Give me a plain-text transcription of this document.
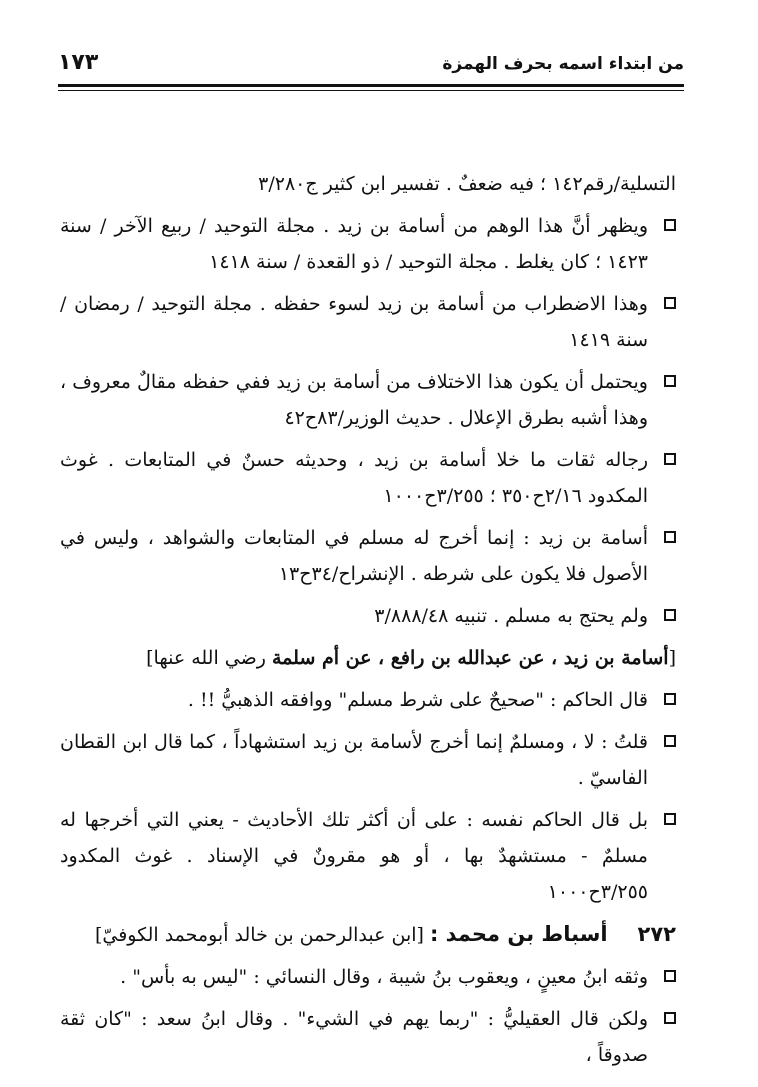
١٧٣	من ابتداء اسمه بحرف الهمزة

التسلية/رقم١٤٢ ؛ فيه ضعفٌ . تفسير ابن كثير ج٣/٢٨٠

ويظهر أنَّ هذا الوهم من أسامة بن زيد . مجلة التوحيد / ربيع الآخر / سنة ١٤٢٣ ؛ كان يغلط . مجلة التوحيد / ذو القعدة / سنة ١٤١٨
وهذا الاضطراب من أسامة بن زيد لسوء حفظه . مجلة التوحيد / رمضان / سنة ١٤١٩
ويحتمل أن يكون هذا الاختلاف من أسامة بن زيد ففي حفظه مقالٌ معروف ، وهذا أشبه بطرق الإعلال . حديث الوزير/٨٣ح٤٢
رجاله ثقات ما خلا أسامة بن زيد ، وحديثه حسنٌ في المتابعات . غوث المكدود ٢/١٦ح٣٥٠ ؛ ٣/٢٥٥ح١٠٠٠
أسامة بن زيد : إنما أخرج له مسلم في المتابعات والشواهد ، وليس في الأصول فلا يكون على شرطه . الإنشراح/٣٤ح١٣
ولم يحتج به مسلم . تنبيه ٣/٨٨٨/٤٨

[أسامة بن زيد ، عن عبدالله بن رافع ، عن أم سلمة رضي الله عنها]

قال الحاكم : "صحيحٌ على شرط مسلم" ووافقه الذهبيُّ !! .
قلتُ : لا ، ومسلمٌ إنما أخرج لأسامة بن زيد استشهاداً ، كما قال ابن القطان الفاسيّ .
بل قال الحاكم نفسه : على أن أكثر تلك الأحاديث - يعني التي أخرجها له مسلمٌ - مستشهدٌ بها ، أو هو مقرونٌ في الإسناد . غوث المكدود ٣/٢٥٥ح١٠٠٠

٢٧٢أسباط بن محمد : [ابن عبدالرحمن بن خالد أبومحمد الكوفيّ]

وثقه ابنُ معينٍ ، ويعقوب بنُ شيبة ، وقال النسائي : "ليس به بأس" .
ولكن قال العقيليُّ : "ربما يهم في الشيء" . وقال ابنُ سعد : "كان ثقة صدوقاً ،
